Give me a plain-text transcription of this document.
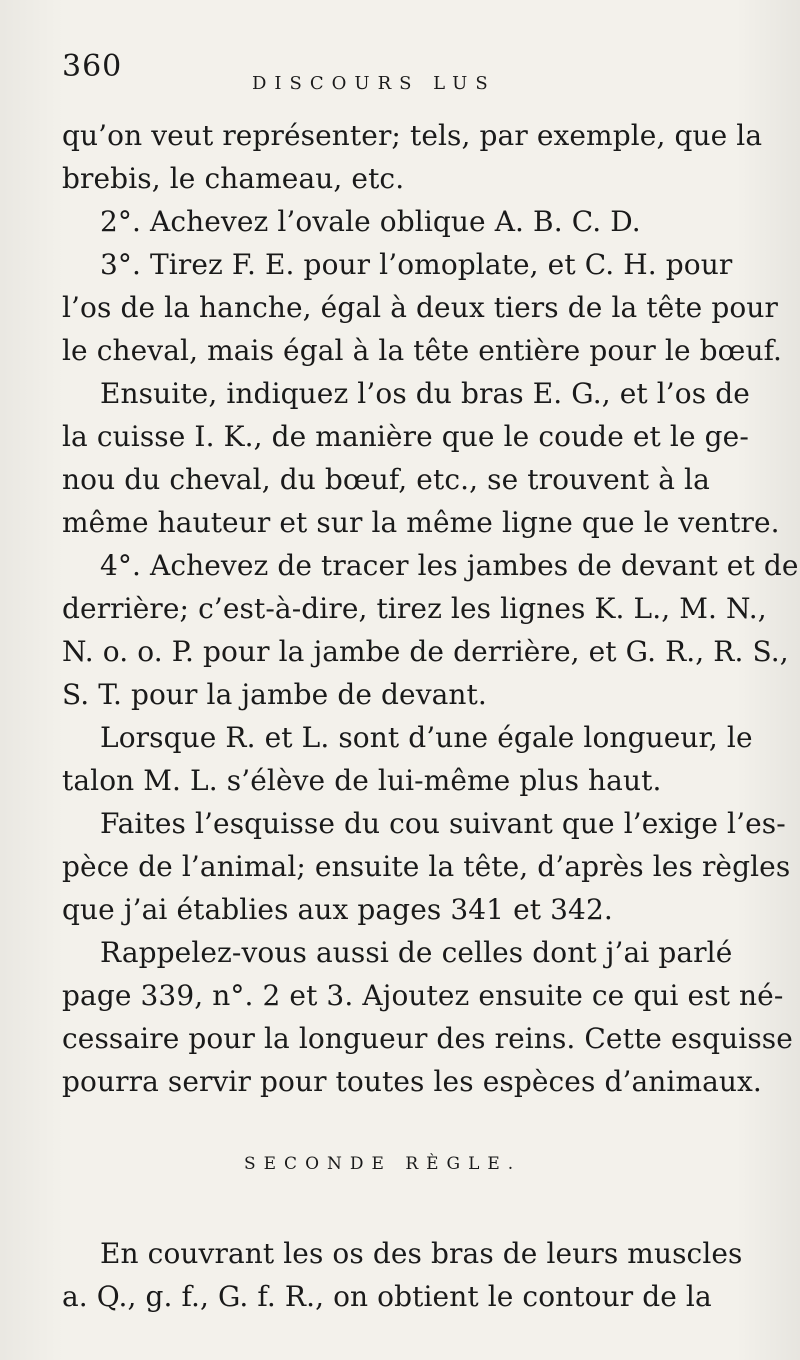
360	DISCOURS LUS
qu’on veut représenter; tels, par exemple, que la
brebis, le chameau, etc.
2°. Achevez l’ovale oblique A. B. C. D.
3°. Tirez F. E. pour l’omoplate, et C. H. pour
l’os de la hanche, égal à deux tiers de la tête pour
le cheval, mais égal à la tête entière pour le bœuf.
Ensuite, indiquez l’os du bras E. G., et l’os de
la cuisse I. K., de manière que le coude et le ge-
nou du cheval, du bœuf, etc., se trouvent à la
même hauteur et sur la même ligne que le ventre.
4°. Achevez de tracer les jambes de devant et de
derrière; c’est-à-dire, tirez les lignes K. L., M. N.,
N. o. o. P. pour la jambe de derrière, et G. R., R. S.,
S. T. pour la jambe de devant.
Lorsque R. et L. sont d’une égale longueur, le
talon M. L. s’élève de lui-même plus haut.
Faites l’esquisse du cou suivant que l’exige l’es-
pèce de l’animal; ensuite la tête, d’après les règles
que j’ai établies aux pages 341 et 342.
Rappelez-vous aussi de celles dont j’ai parlé
page 339, n°. 2 et 3. Ajoutez ensuite ce qui est né-
cessaire pour la longueur des reins. Cette esquisse
pourra servir pour toutes les espèces d’animaux.
SECONDE RÈGLE.
En couvrant les os des bras de leurs muscles
a. Q., g. f., G. f. R., on obtient le contour de la
